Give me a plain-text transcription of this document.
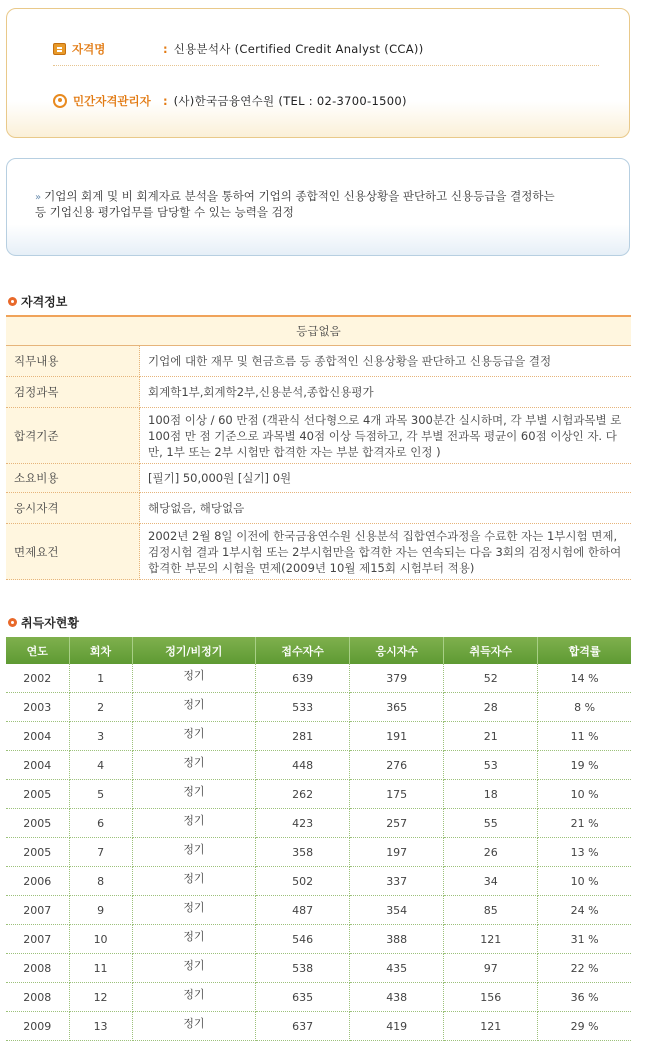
자격명	: 신용분석사 (Certified Credit Analyst (CCA))
민간자격관리자 : (사)한국금융연수원 (TEL : 02-3700-1500)
» 기업의 회계 및 비 회계자료 분석을 통하여 기업의 종합적인 신용상황을 판단하고 신용등급을 결정하는
등 기업신용 평가업무를 담당할 수 있는 능력을 검정
자격정보
등급없음	
직무내용	기업에 대한 재무 및 현금흐름 등 종합적인 신용상황을 판단하고 신용등급을 결정
검정과목	회계학1부,회계학2부,신용분석,종합신용평가
합격기준	100점 이상 / 60 만점 (객관식 선다형으로 4개 과목 300분간 실시하며, 각 부별 시험과목별 로 100점 만 점 기준으로 과목별 40점 이상 득점하고, 각 부별 전과목 평균이 60점 이상인 자. 다만, 1부 또는 2부 시험만 합격한 자는 부분 합격자로 인정 )
소요비용	[필기] 50,000원 [실기] 0원
응시자격	해당없음, 해당없음
면제요건	2002년 2월 8일 이전에 한국금융연수원 신용분석 집합연수과정을 수료한 자는 1부시험 면제, 검정시험 결과 1부시험 또는 2부시험만을 합격한 자는 연속되는 다음 3회의 검정시험에 한하여 합격한 부문의 시험을 면제(2009년 10월 제15회 시험부터 적용)
취득자현황
연도	회차	정기/비정기	접수자수	응시자수	취득자수	합격률
2002	1	정기	639	379	52	14 %
2003	2	정기	533	365	28	8 %
2004	3	정기	281	191	21	11 %
2004	4	정기	448	276	53	19 %
2005	5	정기	262	175	18	10 %
2005	6	정기	423	257	55	21 %
2005	7	정기	358	197	26	13 %
2006	8	정기	502	337	34	10 %
2007	9	정기	487	354	85	24 %
2007	10	정기	546	388	121	31 %
2008	11	정기	538	435	97	22 %
2008	12	정기	635	438	156	36 %
2009	13	정기	637	419	121	29 %
